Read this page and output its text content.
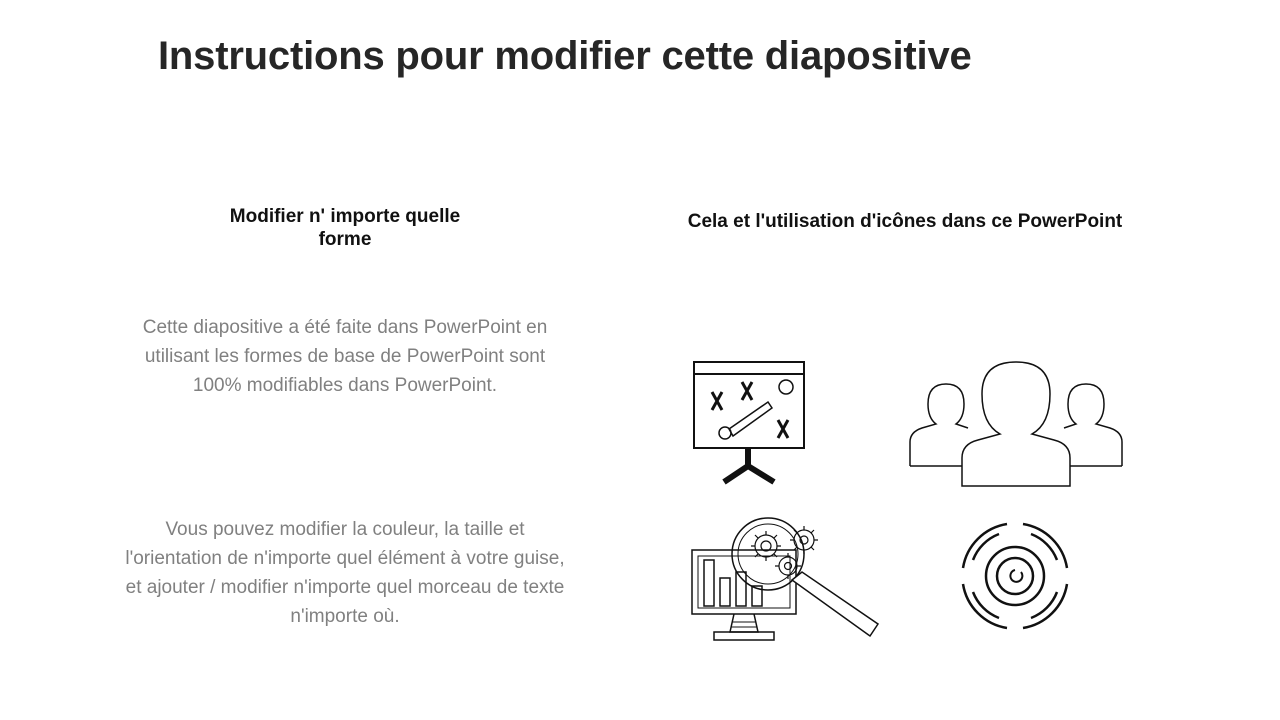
Instructions pour modifier cette diapositive
Modifier n' importe quelle forme
Cela et l'utilisation d'icônes dans ce PowerPoint
Cette diapositive a été faite dans PowerPoint en utilisant les formes de base de PowerPoint sont 100% modifiables dans PowerPoint.
Vous pouvez modifier la couleur, la taille et l'orientation de n'importe quel élément à votre guise, et ajouter / modifier n'importe quel morceau de texte n'importe où.
